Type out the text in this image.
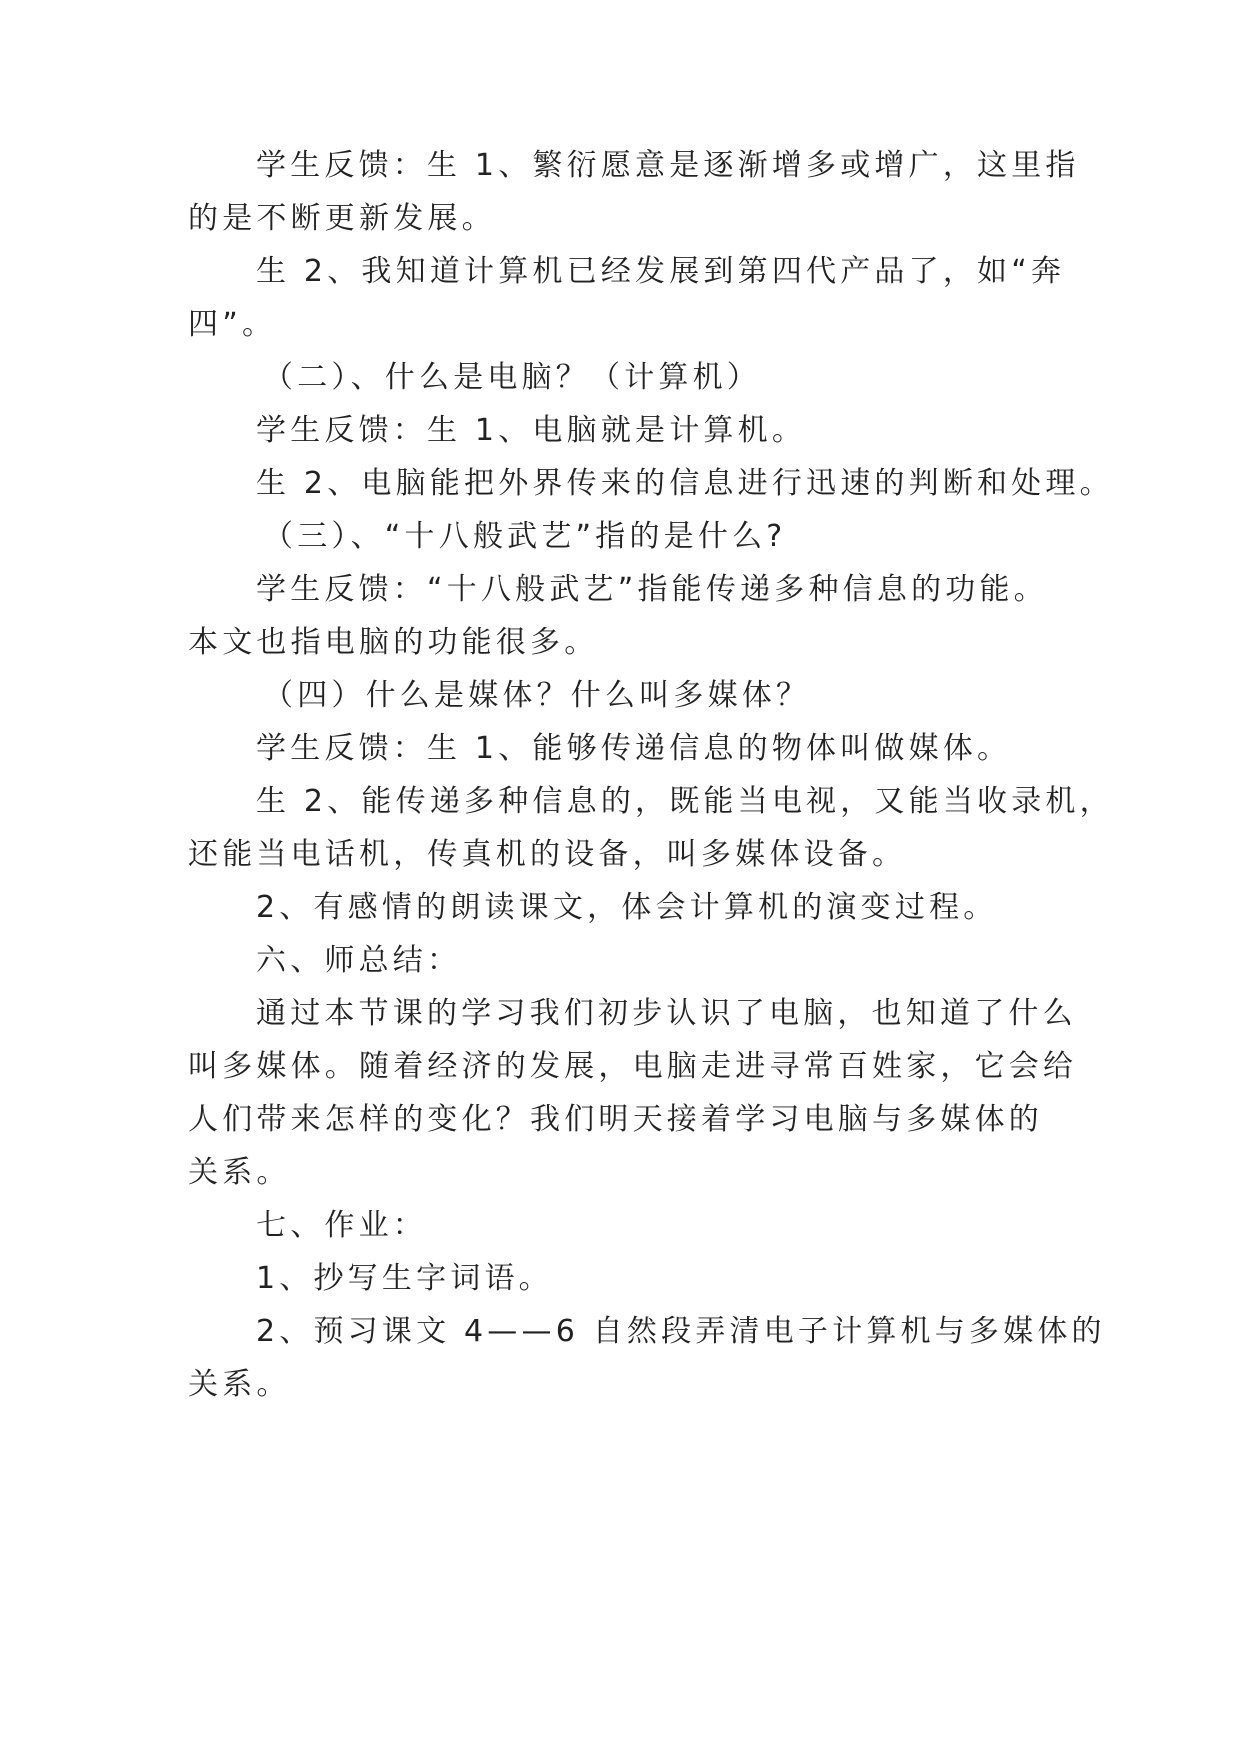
学生反馈：生 1、繁衍愿意是逐渐增多或增广，这里指
的是不断更新发展。
生 2、我知道计算机已经发展到第四代产品了，如“奔
四”。
（二）、什么是电脑？（计算机）
学生反馈：生 1、电脑就是计算机。
生 2、电脑能把外界传来的信息进行迅速的判断和处理。
（三）、“十八般武艺”指的是什么?
学生反馈：“十八般武艺”指能传递多种信息的功能。
本文也指电脑的功能很多。
（四）什么是媒体？什么叫多媒体？
学生反馈：生 1、能够传递信息的物体叫做媒体。
生 2、能传递多种信息的，既能当电视，又能当收录机，
还能当电话机，传真机的设备，叫多媒体设备。
2、有感情的朗读课文，体会计算机的演变过程。
六、师总结：
通过本节课的学习我们初步认识了电脑，也知道了什么
叫多媒体。随着经济的发展，电脑走进寻常百姓家，它会给
人们带来怎样的变化？我们明天接着学习电脑与多媒体的
关系。
七、作业：
1、抄写生字词语。
2、预习课文 4——6 自然段弄清电子计算机与多媒体的
关系。
